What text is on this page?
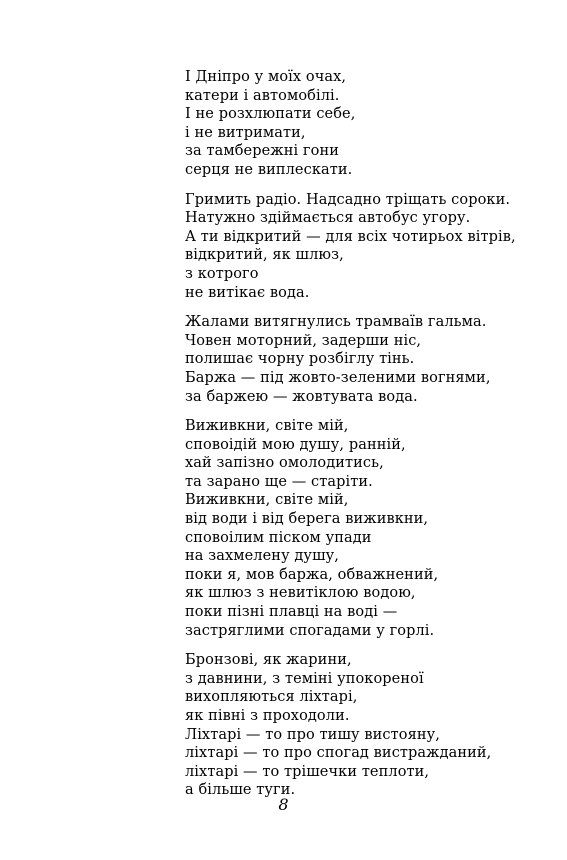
І Дніпро у моїх очах,
катери і автомобілі.
І не розхлюпати себе,
і не витримати,
за тамбережні гони
серця не виплескати.
Гримить радіо. Надсадно тріщать сороки.
Натужно здіймається автобус угору.
А ти відкритий — для всіх чотирьох вітрів,
відкритий, як шлюз,
з котрого
не витікає вода.
Жалами витягнулись трамваїв гальма.
Човен моторний, задерши ніс,
полишає чорну розбіглу тінь.
Баржа — під жовто-зеленими вогнями,
за баржею — жовтувата вода.
Виживкни, світе мій,
сповоідій мою душу, ранній,
хай запізно омолодитись,
та зарано ще — старіти.
Виживкни, світе мій,
від води і від берега виживкни,
сповоілим піском упади
на захмелену душу,
поки я, мов баржа, обважнений,
як шлюз з невитіклою водою,
поки пізні плавці на воді —
застряглими спогадами у горлі.
Бронзові, як жарини,
з давнини, з темінi упокореної
вихопляються ліхтарі,
як півні з проходоли.
Ліхтарі — то про тишу вистояну,
ліхтарі — то про спогад вистражданий,
ліхтарі — то трішечки теплоти,
а більше туги.
8
